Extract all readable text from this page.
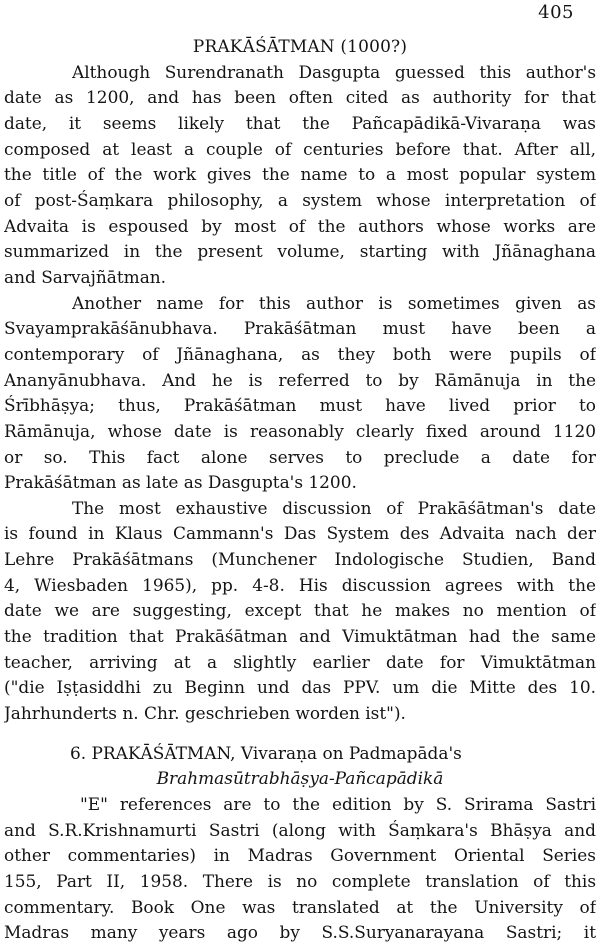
405
PRAKĀŚĀTMAN (1000?)
Although Surendranath Dasgupta guessed this author's
date as 1200, and has been often cited as authority for that
date, it seems likely that the Pañcapādikā-Vivaraṇa was
composed at least a couple of centuries before that. After all,
the title of the work gives the name to a most popular system
of post-Śaṃkara philosophy, a system whose interpretation of
Advaita is espoused by most of the authors whose works are
summarized in the present volume, starting with Jñānaghana
and Sarvajñātman.
Another name for this author is sometimes given as
Svayamprakāśānubhava. Prakāśātman must have been a
contemporary of Jñānaghana, as they both were pupils of
Ananyānubhava. And he is referred to by Rāmānuja in the
Śrībhāṣya; thus, Prakāśātman must have lived prior to
Rāmānuja, whose date is reasonably clearly fixed around 1120
or so. This fact alone serves to preclude a date for
Prakāśātman as late as Dasgupta's 1200.
The most exhaustive discussion of Prakāśātman's date
is found in Klaus Cammann's Das System des Advaita nach der
Lehre Prakāśātmans (Munchener Indologische Studien, Band
4, Wiesbaden 1965), pp. 4-8. His discussion agrees with the
date we are suggesting, except that he makes no mention of
the tradition that Prakāśātman and Vimuktātman had the same
teacher, arriving at a slightly earlier date for Vimuktātman
("die Iṣṭasiddhi zu Beginn und das PPV. um die Mitte des 10.
Jahrhunderts n. Chr. geschrieben worden ist").
6. PRAKĀŚĀTMAN, Vivaraṇa on Padmapāda's
Brahmasūtrabhāṣya-Pañcapādikā
"E" references are to the edition by S. Srirama Sastri
and S.R.Krishnamurti Sastri (along with Śaṃkara's Bhāṣya and
other commentaries) in Madras Government Oriental Series
155, Part II, 1958. There is no complete translation of this
commentary. Book One was translated at the University of
Madras many years ago by S.S.Suryanarayana Sastri; it
